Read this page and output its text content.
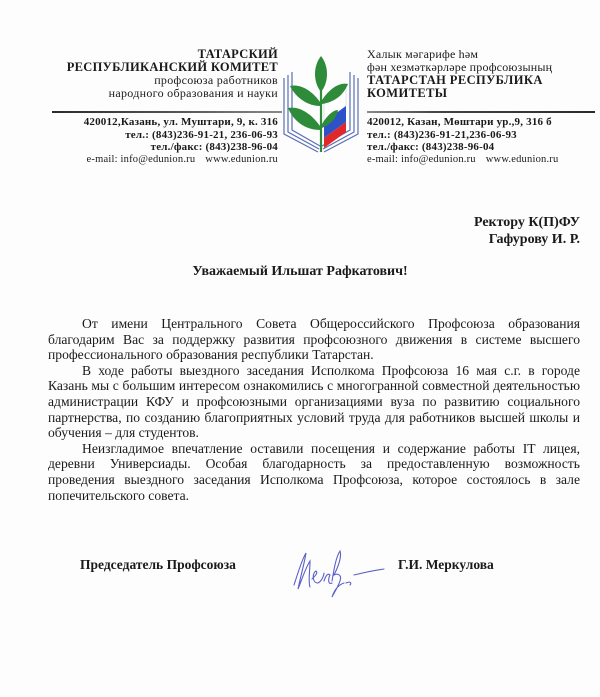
ТАТАРСКИЙ
РЕСПУБЛИКАНСКИЙ КОМИТЕТ
профсоюза работников
народного образования и науки
420012,Казань, ул. Муштари, 9, к. 316
тел.: (843)236-91-21, 236-06-93
тел./факс: (843)238-96-04
e-mail: info@edunion.ru www.edunion.ru
Халык мәгарифе һәм
фән хезмәткәрләре профсоюзының
ТАТАРСТАН РЕСПУБЛИКА
КОМИТЕТЫ
420012, Казан, Мөштари ур.,9, 316 б
тел.: (843)236-91-21,236-06-93
тел./факс: (843)238-96-04
e-mail: info@edunion.ru www.edunion.ru
Ректору К(П)ФУ
Гафурову И. Р.
Уважаемый Ильшат Рафкатович!

От имени Центрального Совета Общероссийского Профсоюза образования благодарим Вас за поддержку развития профсоюзного движения в системе высшего профессионального образования республики Татарстан.

В ходе работы выездного заседания Исполкома Профсоюза 16 мая с.г. в городе Казань мы с большим интересом ознакомились с многогранной совместной деятельностью администрации КФУ и профсоюзными организациями вуза по развитию социального партнерства, по созданию благоприятных условий труда для работников высшей школы и обучения – для студентов.

Неизгладимое впечатление оставили посещения и содержание работы IT лицея, деревни Универсиады. Особая благодарность за предоставленную возможность проведения выездного заседания Исполкома Профсоюза, которое состоялось в зале попечительского совета.

Председатель Профсоюза	Г.И. Меркулова
